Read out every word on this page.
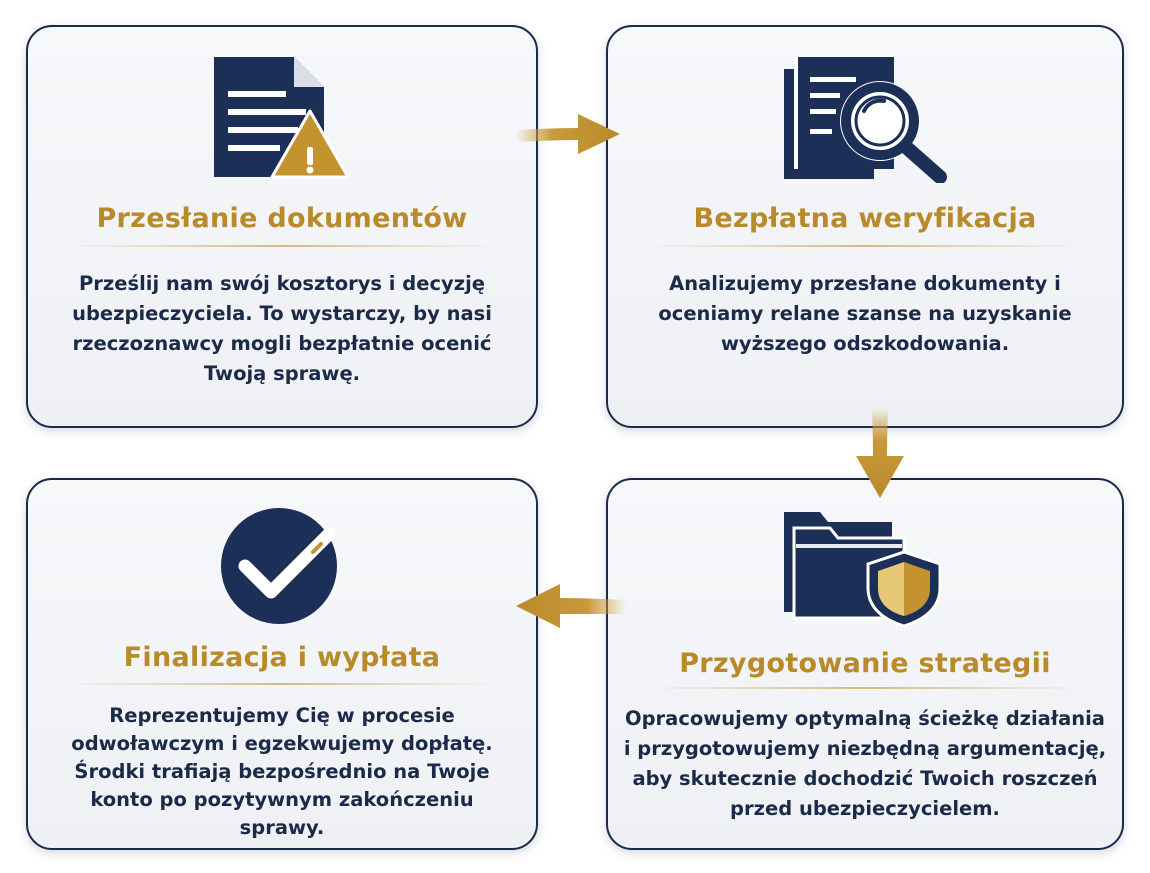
Przesłanie dokumentów

Prześlij nam swój kosztorys i decyzję ubezpieczyciela. To wystarczy, by nasi rzeczoznawcy mogli bezpłatnie ocenić Twoją sprawę.

Bezpłatna weryfikacja

Analizujemy przesłane dokumenty i oceniamy relane szanse na uzyskanie wyższego odszkodowania.

Finalizacja i wypłata

Reprezentujemy Cię w procesie odwoławczym i egzekwujemy dopłatę. Środki trafiają bezpośrednio na Twoje konto po pozytywnym zakończeniu sprawy.

Przygotowanie strategii

Opracowujemy optymalną ścieżkę działania i przygotowujemy niezbędną argumentację, aby skutecznie dochodzić Twoich roszczeń przed ubezpieczycielem.
